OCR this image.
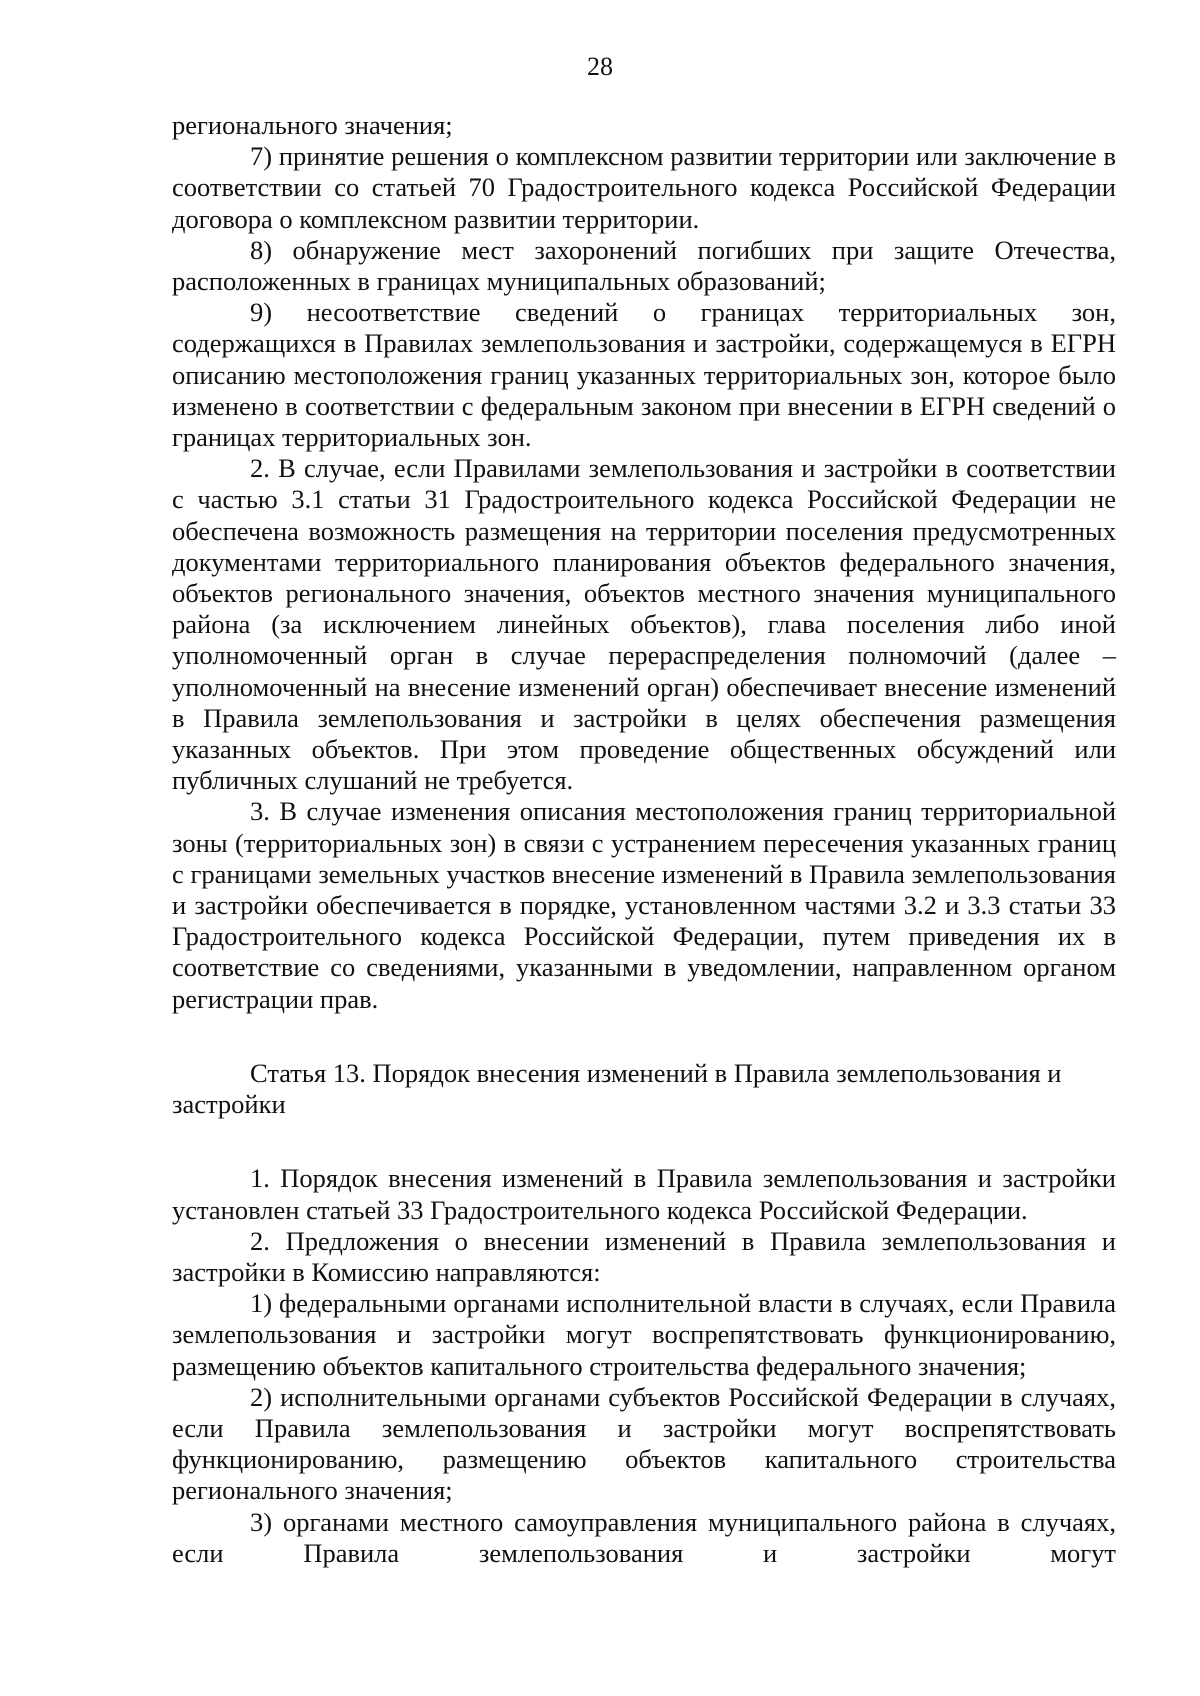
28

регионального значения;

7) принятие решения о комплексном развитии территории или заключение в соответствии со статьей 70 Градостроительного кодекса Российской Федерации договора о комплексном развитии территории.

8) обнаружение мест захоронений погибших при защите Отечества, расположенных в границах муниципальных образований;

9) несоответствие сведений о границах территориальных зон, содержащихся в Правилах землепользования и застройки, содержащемуся в ЕГРН описанию местоположения границ указанных территориальных зон, которое было изменено в соответствии с федеральным законом при внесении в ЕГРН сведений о границах территориальных зон.

2. В случае, если Правилами землепользования и застройки в соответствии с частью 3.1 статьи 31 Градостроительного кодекса Российской Федерации не обеспечена возможность размещения на территории поселения предусмотренных документами территориального планирования объектов федерального значения, объектов регионального значения, объектов местного значения муниципального района (за исключением линейных объектов), глава поселения либо иной уполномоченный орган в случае перераспределения полномочий (далее – уполномоченный на внесение изменений орган) обеспечивает внесение изменений в Правила землепользования и застройки в целях обеспечения размещения указанных объектов. При этом проведение общественных обсуждений или публичных слушаний не требуется.

3. В случае изменения описания местоположения границ территориальной зоны (территориальных зон) в связи с устранением пересечения указанных границ с границами земельных участков внесение изменений в Правила землепользования и застройки обеспечивается в порядке, установленном частями 3.2 и 3.3 статьи 33 Градостроительного кодекса Российской Федерации, путем приведения их в соответствие со сведениями, указанными в уведомлении, направленном органом регистрации прав.

Статья 13. Порядок внесения изменений в Правила землепользования и застройки

1. Порядок внесения изменений в Правила землепользования и застройки установлен статьей 33 Градостроительного кодекса Российской Федерации.

2. Предложения о внесении изменений в Правила землепользования и застройки в Комиссию направляются:

1) федеральными органами исполнительной власти в случаях, если Правила землепользования и застройки могут воспрепятствовать функционированию, размещению объектов капитального строительства федерального значения;

2) исполнительными органами субъектов Российской Федерации в случаях, если Правила землепользования и застройки могут воспрепятствовать функционированию, размещению объектов капитального строительства регионального значения;

3) органами местного самоуправления муниципального района в случаях, если Правила землепользования и застройки могут
